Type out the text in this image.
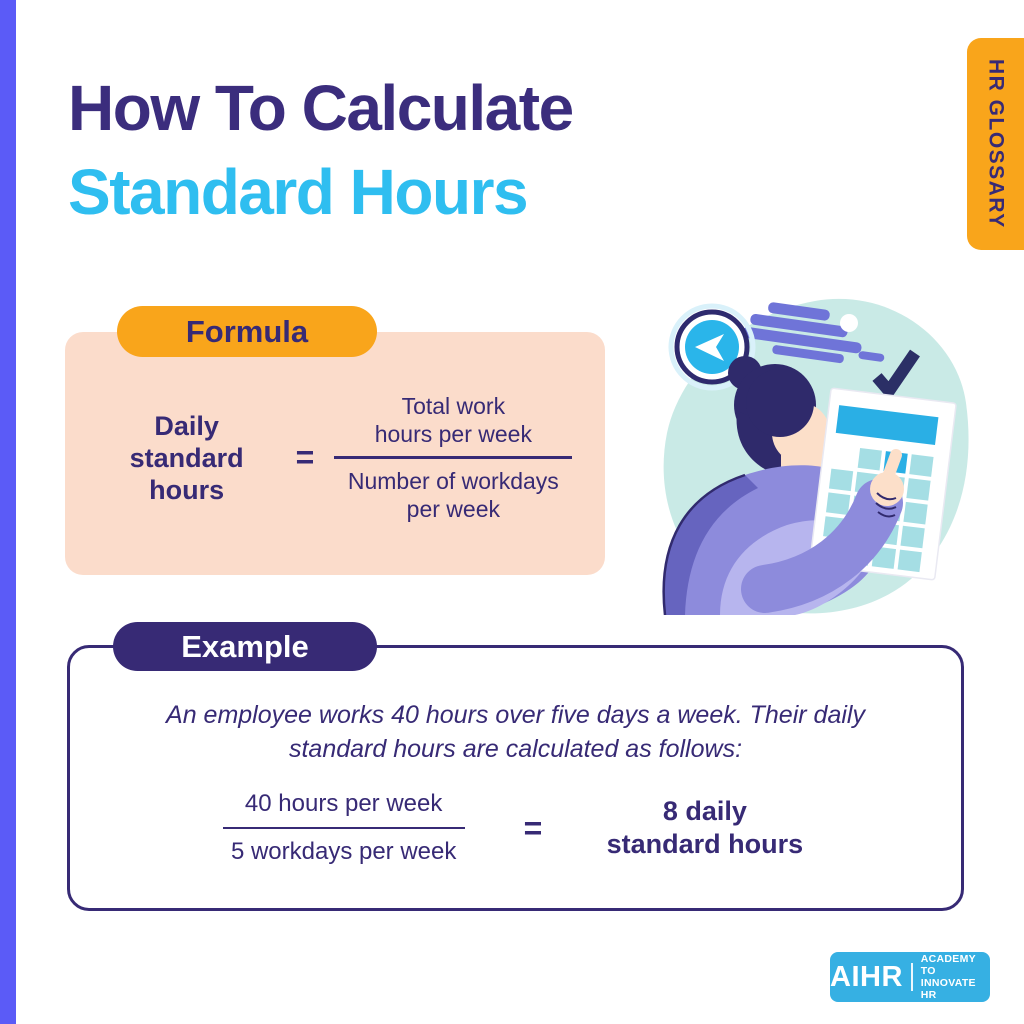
HR GLOSSARY
How To Calculate
Standard Hours
Daily
standard hours
=
Total work
hours per week
Number of workdays
per week
Formula
An employee works 40 hours over five days a week. Their daily
standard hours are calculated as follows:
$\frac{\text{40 hours per week}}{\text{5 workdays per week}}$ =	8 daily
standard hours
Example
AIHR
ACADEMY TO
INNOVATE HR
